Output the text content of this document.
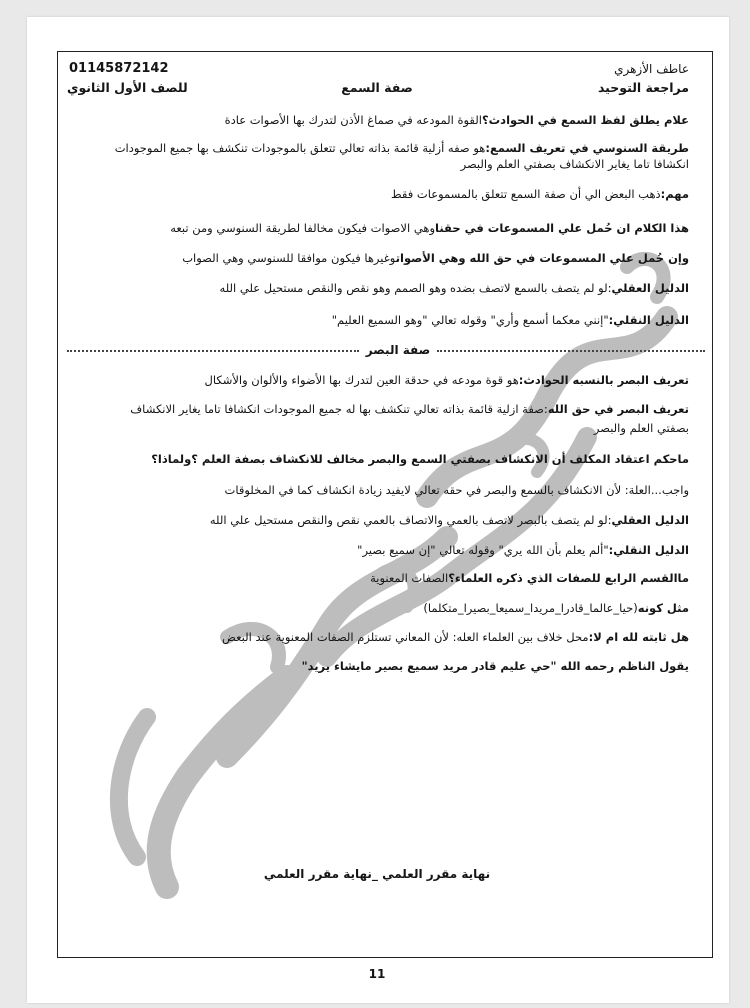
عاطف الأزهري
01145872142
مراجعة التوحيد
صفة السمع
للصف الأول الثانوي
علام يطلق لفظ السمع في الحوادث؟القوة المودعه في صماغ الأذن لتدرك بها الأصوات عادة
طريقة السنوسي في تعريف السمع:هو صفه أزلية قائمة بذاته تعالي تتعلق بالموجودات تنكشف بها جميع الموجودات
انكشافا تاما يغاير الانكشاف بصفتي العلم والبصر
مهم:ذهب البعض الي أن صفة السمع تتعلق بالمسموعات فقط
هذا الكلام ان حُمل علي المسموعات في حقناوهي الاصوات فيكون مخالفا لطريقة السنوسي ومن تبعه
وإن حُمل علي المسموعات في حق الله وهي الأصواتوغيرها فيكون موافقا للسنوسي وهي الصواب
الدليل العقلي:لو لم يتصف بالسمع لاتصف بضده وهو الصمم وهو نقص والنقص مستحيل علي الله
الدليل النقلي:"إنني معكما أسمع وأري" وقوله تعالي "وهو السميع العليم"
صفة البصر
تعريف البصر بالنسبه الحوادث:هو قوة مودعه في حدقة العين لتدرك بها الأضواء والألوان والأشكال
تعريف البصر في حق الله:صفة ازلية قائمة بذاته تعالي تنكشف بها له جميع الموجودات انكشافا تاما يغاير الانكشاف
بصفتي العلم والبصر
ماحكم اعتقاد المكلف أن الانكشاف بصفتي السمع والبصر مخالف للانكشاف بصفة العلم ؟ولماذا؟
واجب...العلة: لأن الانكشاف بالسمع والبصر في حقه تعالي لايفيد زيادة انكشاف كما في المخلوقات
الدليل العقلي:لو لم يتصف بالبصر لاتصف بالعمي والاتصاف بالعمي نقص والنقص مستحيل علي الله
الدليل النقلي:"ألم يعلم بأن الله يري" وقوله تعالي "إن سميع بصير"
ماالقسم الرابع للصفات الذي ذكره العلماء؟الصفات المعنوية
مثل كونه(حيا_عالما_قادرا_مريدا_سميعا_بصيرا_متكلما)
هل ثابته لله ام لا:محل خلاف بين العلماء العله: لأن المعاني تستلزم الصفات المعنوية عند البعض
يقول الناظم رحمه الله "حي عليم قادر مريد سميع بصير مايشاء يريد"
نهاية مقرر العلمي _نهاية مقرر العلمي
11
